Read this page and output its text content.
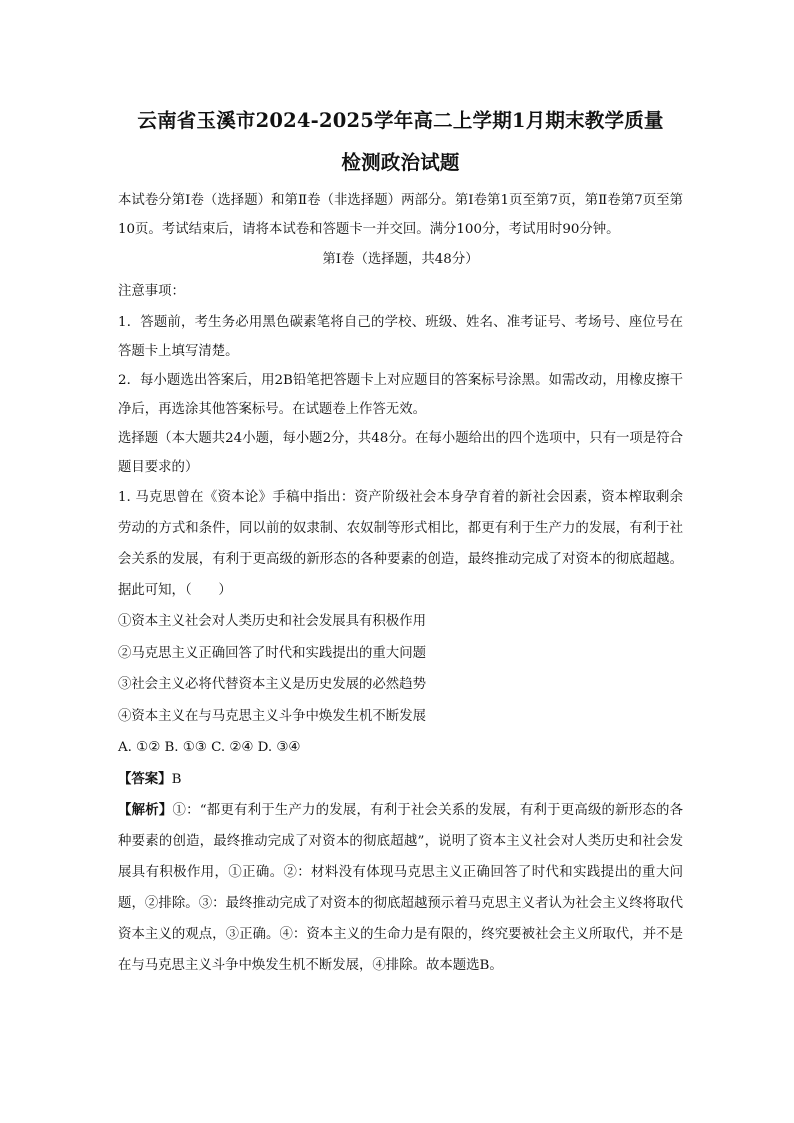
云南省玉溪市2024-2025学年高二上学期1月期末教学质量
检测政治试题

本试卷分第Ⅰ卷（选择题）和第Ⅱ卷（非选择题）两部分。第Ⅰ卷第1页至第7页，第Ⅱ卷第7页至第10页。考试结束后，请将本试卷和答题卡一并交回。满分100分，考试用时90分钟。

第Ⅰ卷（选择题，共48分）

注意事项：

1．答题前，考生务必用黑色碳素笔将自己的学校、班级、姓名、准考证号、考场号、座位号在答题卡上填写清楚。

2．每小题选出答案后，用2B铅笔把答题卡上对应题目的答案标号涂黑。如需改动，用橡皮擦干净后，再选涂其他答案标号。在试题卷上作答无效。

选择题（本大题共24小题，每小题2分，共48分。在每小题给出的四个选项中，只有一项是符合题目要求的）

1. 马克思曾在《资本论》手稿中指出：资产阶级社会本身孕育着的新社会因素，资本榨取剩余劳动的方式和条件，同以前的奴隶制、农奴制等形式相比，都更有利于生产力的发展，有利于社会关系的发展，有利于更高级的新形态的各种要素的创造，最终推动完成了对资本的彻底超越。据此可知，（　　）

①资本主义社会对人类历史和社会发展具有积极作用

②马克思主义正确回答了时代和实践提出的重大问题

③社会主义必将代替资本主义是历史发展的必然趋势

④资本主义在与马克思主义斗争中焕发生机不断发展

A. ①② B. ①③ C. ②④ D. ③④

【答案】B

【解析】①：“都更有利于生产力的发展，有利于社会关系的发展，有利于更高级的新形态的各种要素的创造，最终推动完成了对资本的彻底超越”，说明了资本主义社会对人类历史和社会发展具有积极作用，①正确。②：材料没有体现马克思主义正确回答了时代和实践提出的重大问题，②排除。③：最终推动完成了对资本的彻底超越预示着马克思主义者认为社会主义终将取代资本主义的观点，③正确。④：资本主义的生命力是有限的，终究要被社会主义所取代，并不是在与马克思主义斗争中焕发生机不断发展，④排除。故本题选B。
